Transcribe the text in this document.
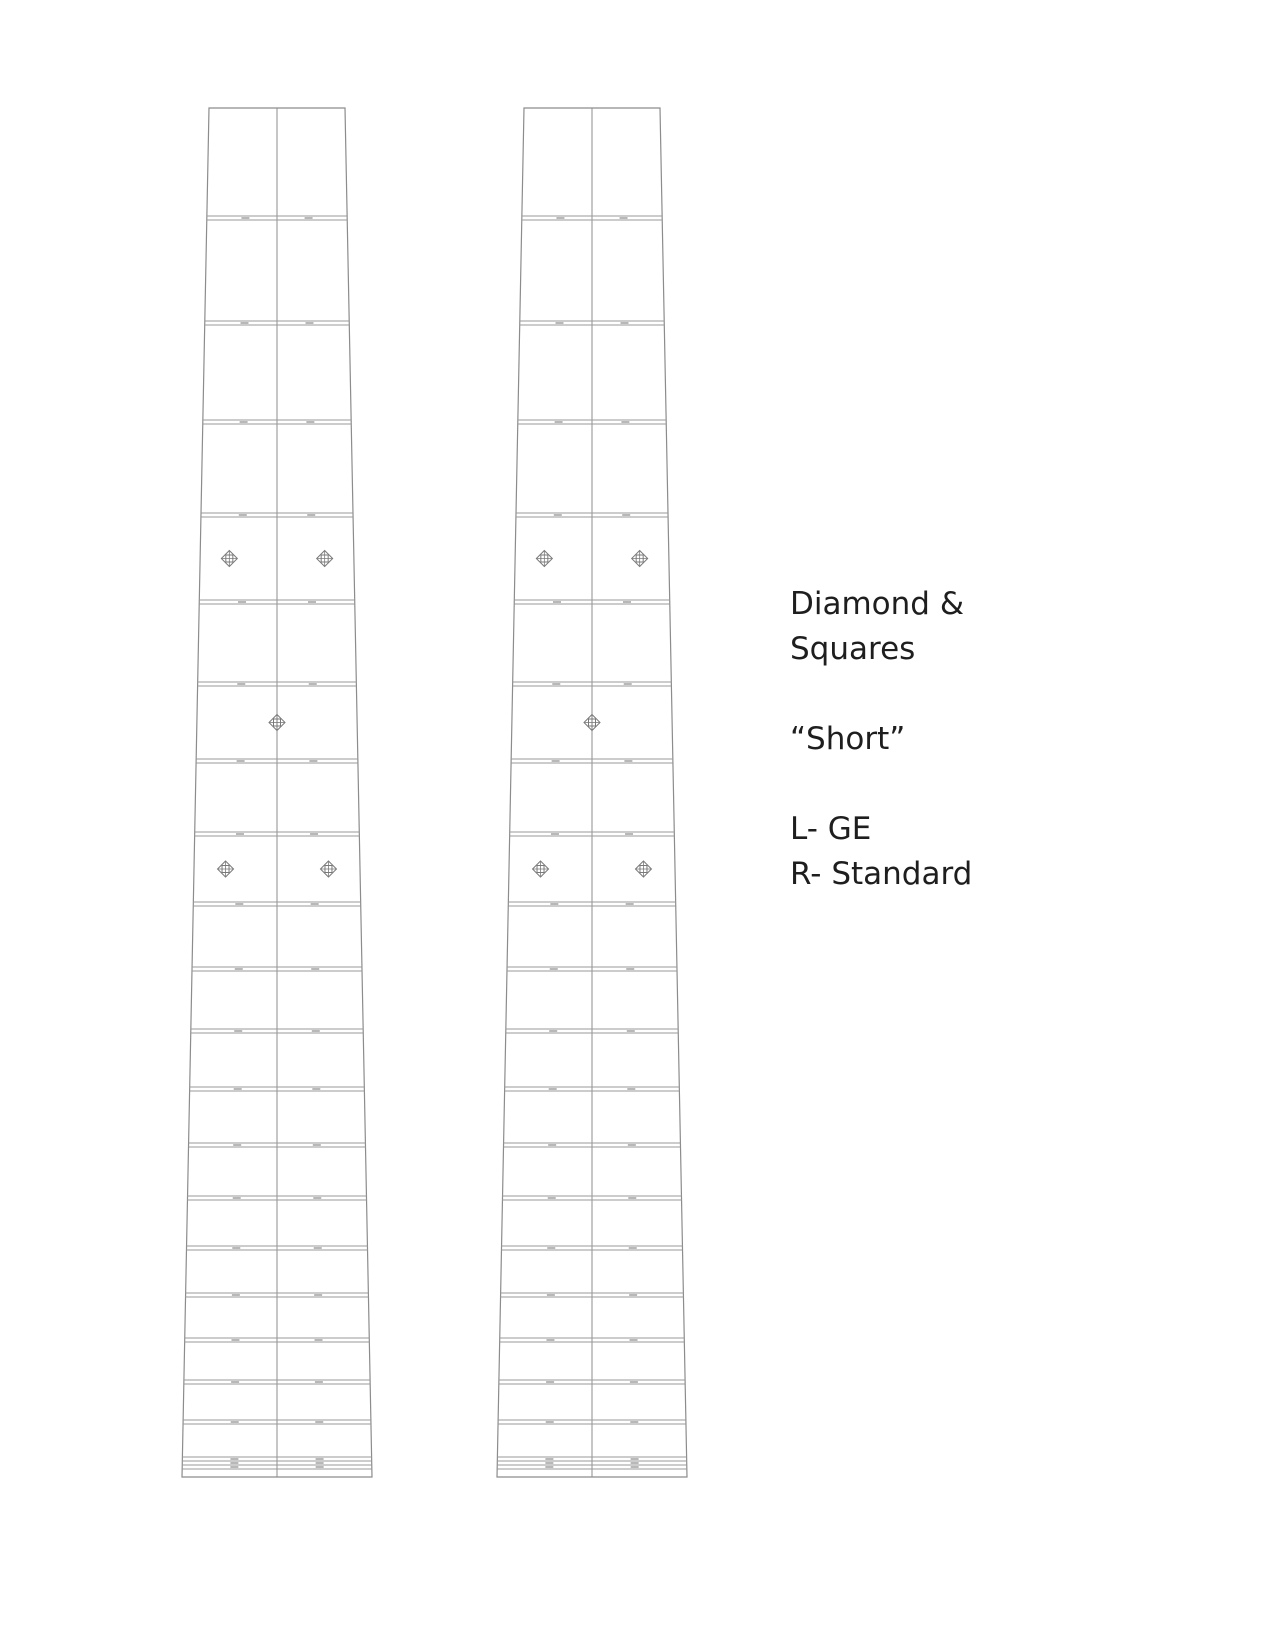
Diamond &
Squares
“Short”
L- GE
R- Standard
